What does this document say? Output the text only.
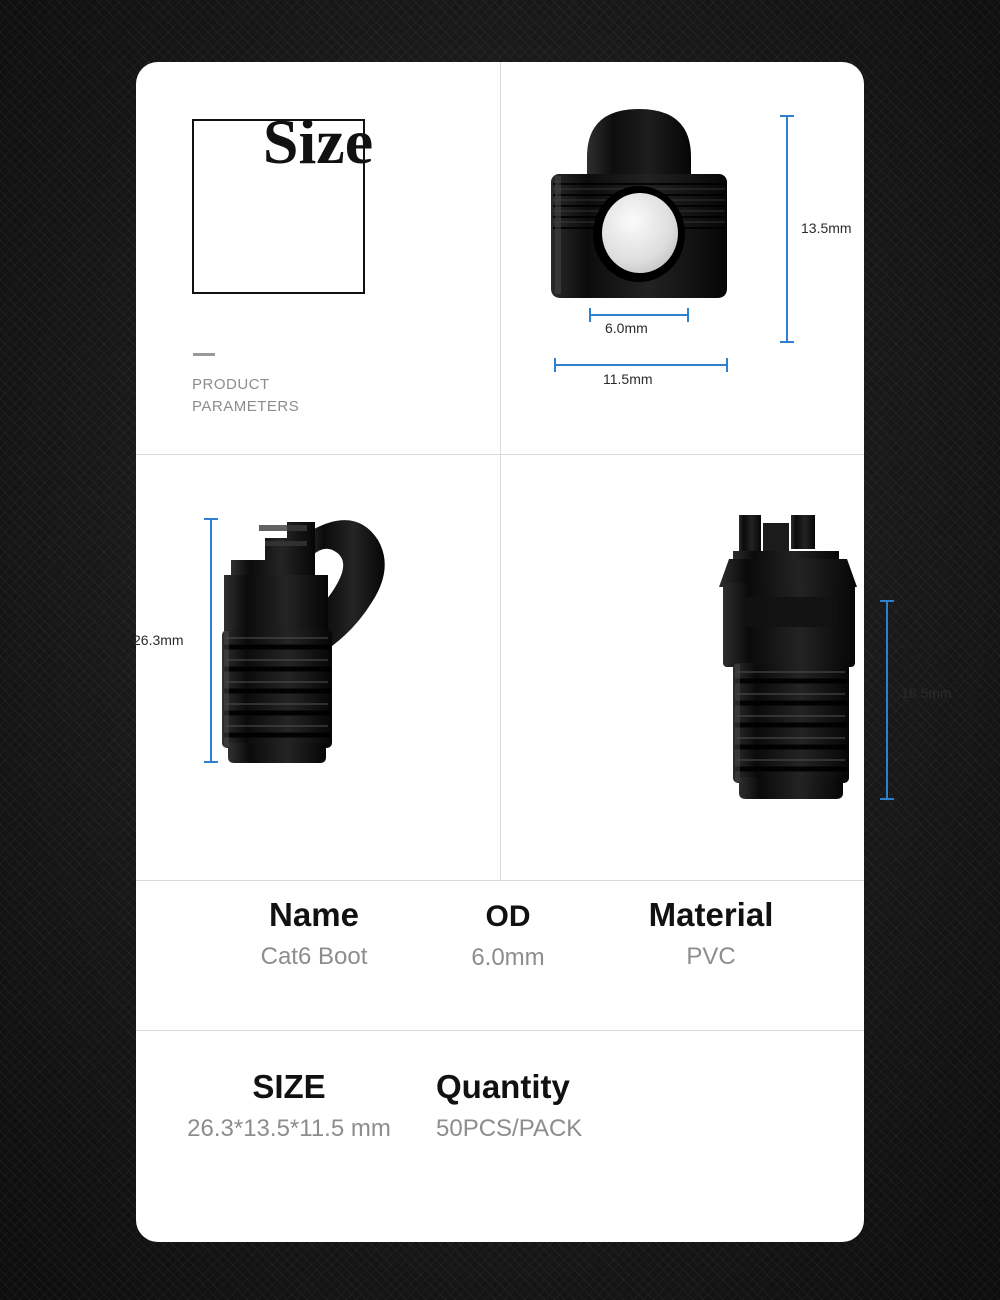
Size
PRODUCT
PARAMETERS
13.5mm
6.0mm
11.5mm
26.3mm
18.5mm
Name
Cat6 Boot
OD
6.0mm
Material
PVC
SIZE
26.3*13.5*11.5 mm
Quantity
50PCS/PACK
